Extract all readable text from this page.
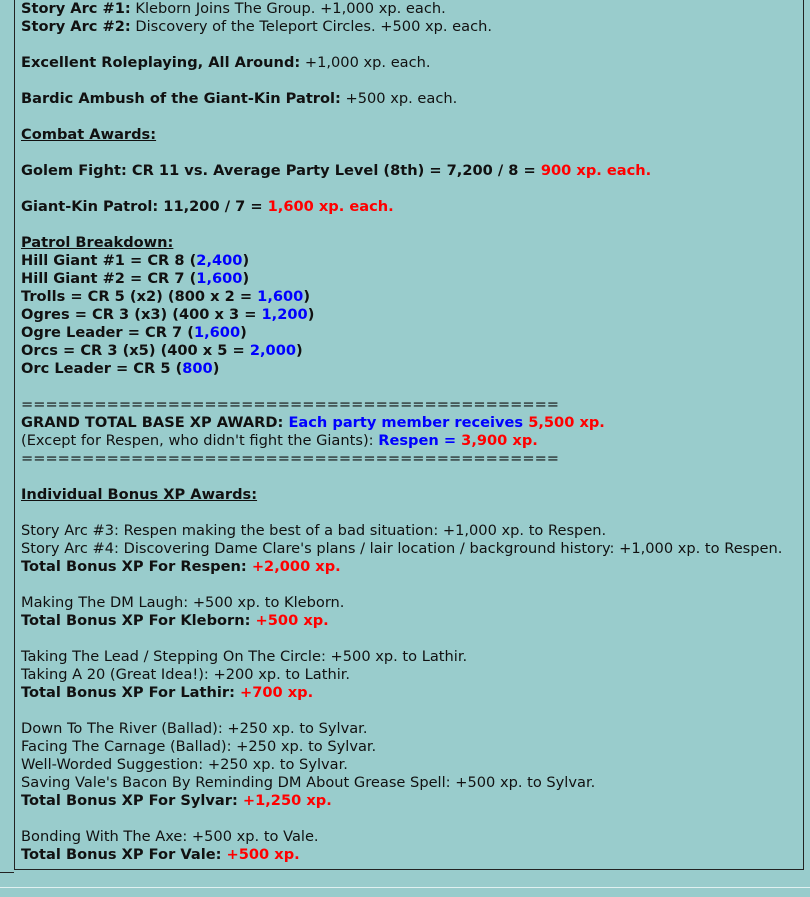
Story Arc #1: Kleborn Joins The Group. +1,000 xp. each.
Story Arc #2: Discovery of the Teleport Circles. +500 xp. each.
Excellent Roleplaying, All Around: +1,000 xp. each.
Bardic Ambush of the Giant-Kin Patrol: +500 xp. each.
Combat Awards:
Golem Fight: CR 11 vs. Average Party Level (8th) = 7,200 / 8 = 900 xp. each.
Giant-Kin Patrol: 11,200 / 7 = 1,600 xp. each.
Patrol Breakdown:
Hill Giant #1 = CR 8 (2,400)
Hill Giant #2 = CR 7 (1,600)
Trolls = CR 5 (x2) (800 x 2 = 1,600)
Ogres = CR 3 (x3) (400 x 3 = 1,200)
Ogre Leader = CR 7 (1,600)
Orcs = CR 3 (x5) (400 x 5 = 2,000)
Orc Leader = CR 5 (800)
============================================
GRAND TOTAL BASE XP AWARD: Each party member receives 5,500 xp.
(Except for Respen, who didn't fight the Giants): Respen = 3,900 xp.
============================================
Individual Bonus XP Awards:
Story Arc #3: Respen making the best of a bad situation: +1,000 xp. to Respen.
Story Arc #4: Discovering Dame Clare's plans / lair location / background history: +1,000 xp. to Respen.
Total Bonus XP For Respen: +2,000 xp.
Making The DM Laugh: +500 xp. to Kleborn.
Total Bonus XP For Kleborn: +500 xp.
Taking The Lead / Stepping On The Circle: +500 xp. to Lathir.
Taking A 20 (Great Idea!): +200 xp. to Lathir.
Total Bonus XP For Lathir: +700 xp.
Down To The River (Ballad): +250 xp. to Sylvar.
Facing The Carnage (Ballad): +250 xp. to Sylvar.
Well-Worded Suggestion: +250 xp. to Sylvar.
Saving Vale's Bacon By Reminding DM About Grease Spell: +500 xp. to Sylvar.
Total Bonus XP For Sylvar: +1,250 xp.
Bonding With The Axe: +500 xp. to Vale.
Total Bonus XP For Vale: +500 xp.
